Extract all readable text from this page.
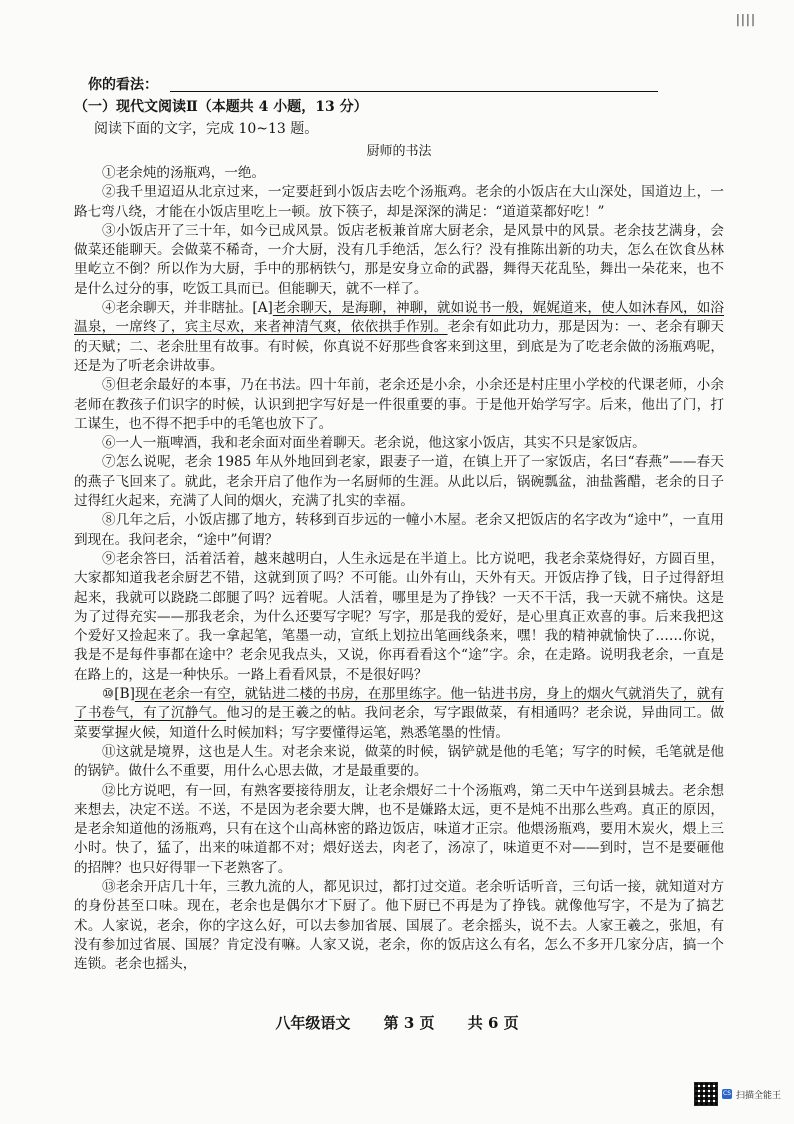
||||
你的看法：
（一）现代文阅读Ⅱ（本题共 4 小题，13 分）
阅读下面的文字，完成 10~13 题。
厨师的书法

①老余炖的汤瓶鸡，一绝。

②我千里迢迢从北京过来，一定要赶到小饭店去吃个汤瓶鸡。老余的小饭店在大山深处，国道边上，一路七弯八绕，才能在小饭店里吃上一顿。放下筷子，却是深深的满足：“道道菜都好吃！”

③小饭店开了三十年，如今已成风景。饭店老板兼首席大厨老余，是风景中的风景。老余技艺满身，会做菜还能聊天。会做菜不稀奇，一介大厨，没有几手绝活，怎么行？没有推陈出新的功夫，怎么在饮食丛林里屹立不倒？所以作为大厨，手中的那柄铁勺，那是安身立命的武器，舞得天花乱坠，舞出一朵花来，也不是什么过分的事，吃饭工具而已。但能聊天，就不一样了。

④老余聊天，并非瞎扯。[A]老余聊天，是海聊，神聊，就如说书一般，娓娓道来，使人如沐春风，如浴温泉，一席终了，宾主尽欢，来者神清气爽，依依拱手作别。老余有如此功力，那是因为：一、老余有聊天的天赋；二、老余肚里有故事。有时候，你真说不好那些食客来到这里，到底是为了吃老余做的汤瓶鸡呢，还是为了听老余讲故事。

⑤但老余最好的本事，乃在书法。四十年前，老余还是小余，小余还是村庄里小学校的代课老师，小余老师在教孩子们识字的时候，认识到把字写好是一件很重要的事。于是他开始学写字。后来，他出了门，打工谋生，也不得不把手中的毛笔也放下了。

⑥一人一瓶啤酒，我和老余面对面坐着聊天。老余说，他这家小饭店，其实不只是家饭店。

⑦怎么说呢，老余 1985 年从外地回到老家，跟妻子一道，在镇上开了一家饭店，名曰“春燕”——春天的燕子飞回来了。就此，老余开启了他作为一名厨师的生涯。从此以后，锅碗瓢盆，油盐酱醋，老余的日子过得红火起来，充满了人间的烟火，充满了扎实的幸福。

⑧几年之后，小饭店挪了地方，转移到百步远的一幢小木屋。老余又把饭店的名字改为“途中”，一直用到现在。我问老余，“途中”何谓？

⑨老余答曰，活着活着，越来越明白，人生永远是在半道上。比方说吧，我老余菜烧得好，方圆百里，大家都知道我老余厨艺不错，这就到顶了吗？不可能。山外有山，天外有天。开饭店挣了钱，日子过得舒坦起来，我就可以跷跷二郎腿了吗？远着呢。人活着，哪里是为了挣钱？一天不干活，我一天就不痛快。这是为了过得充实——那我老余，为什么还要写字呢？写字，那是我的爱好，是心里真正欢喜的事。后来我把这个爱好又捡起来了。我一拿起笔，笔墨一动，宣纸上划拉出笔画线条来，嘿！我的精神就愉快了……你说，我是不是每件事都在途中？老余见我点头，又说，你再看看这个“途”字。余，在走路。说明我老余，一直是在路上的，这是一种快乐。一路上看看风景，不是很好吗？

⑩[B]现在老余一有空，就钻进二楼的书房，在那里练字。他一钻进书房，身上的烟火气就消失了，就有了书卷气，有了沉静气。他习的是王羲之的帖。我问老余，写字跟做菜，有相通吗？老余说，异曲同工。做菜要掌握火候，知道什么时候加料；写字要懂得运笔，熟悉笔墨的性情。

⑪这就是境界，这也是人生。对老余来说，做菜的时候，锅铲就是他的毛笔；写字的时候，毛笔就是他的锅铲。做什么不重要，用什么心思去做，才是最重要的。

⑫比方说吧，有一回，有熟客要接待朋友，让老余煨好二十个汤瓶鸡，第二天中午送到县城去。老余想来想去，决定不送。不送，不是因为老余要大牌，也不是嫌路太远，更不是炖不出那么些鸡。真正的原因，是老余知道他的汤瓶鸡，只有在这个山高林密的路边饭店，味道才正宗。他煨汤瓶鸡，要用木炭火，煨上三小时。快了，猛了，出来的味道都不对；煨好送去，肉老了，汤凉了，味道更不对——到时，岂不是要砸他的招牌？也只好得罪一下老熟客了。

⑬老余开店几十年，三教九流的人，都见识过，都打过交道。老余听话听音，三句话一接，就知道对方的身份甚至口味。现在，老余也是偶尔才下厨了。他下厨已不再是为了挣钱。就像他写字，不是为了搞艺术。人家说，老余，你的字这么好，可以去参加省展、国展了。老余摇头，说不去。人家王羲之，张旭，有没有参加过省展、国展？肯定没有嘛。人家又说，老余，你的饭店这么有名，怎么不多开几家分店，搞一个连锁。老余也摇头，

八年级语文 第 3 页 共 6 页
CS 扫描全能王
